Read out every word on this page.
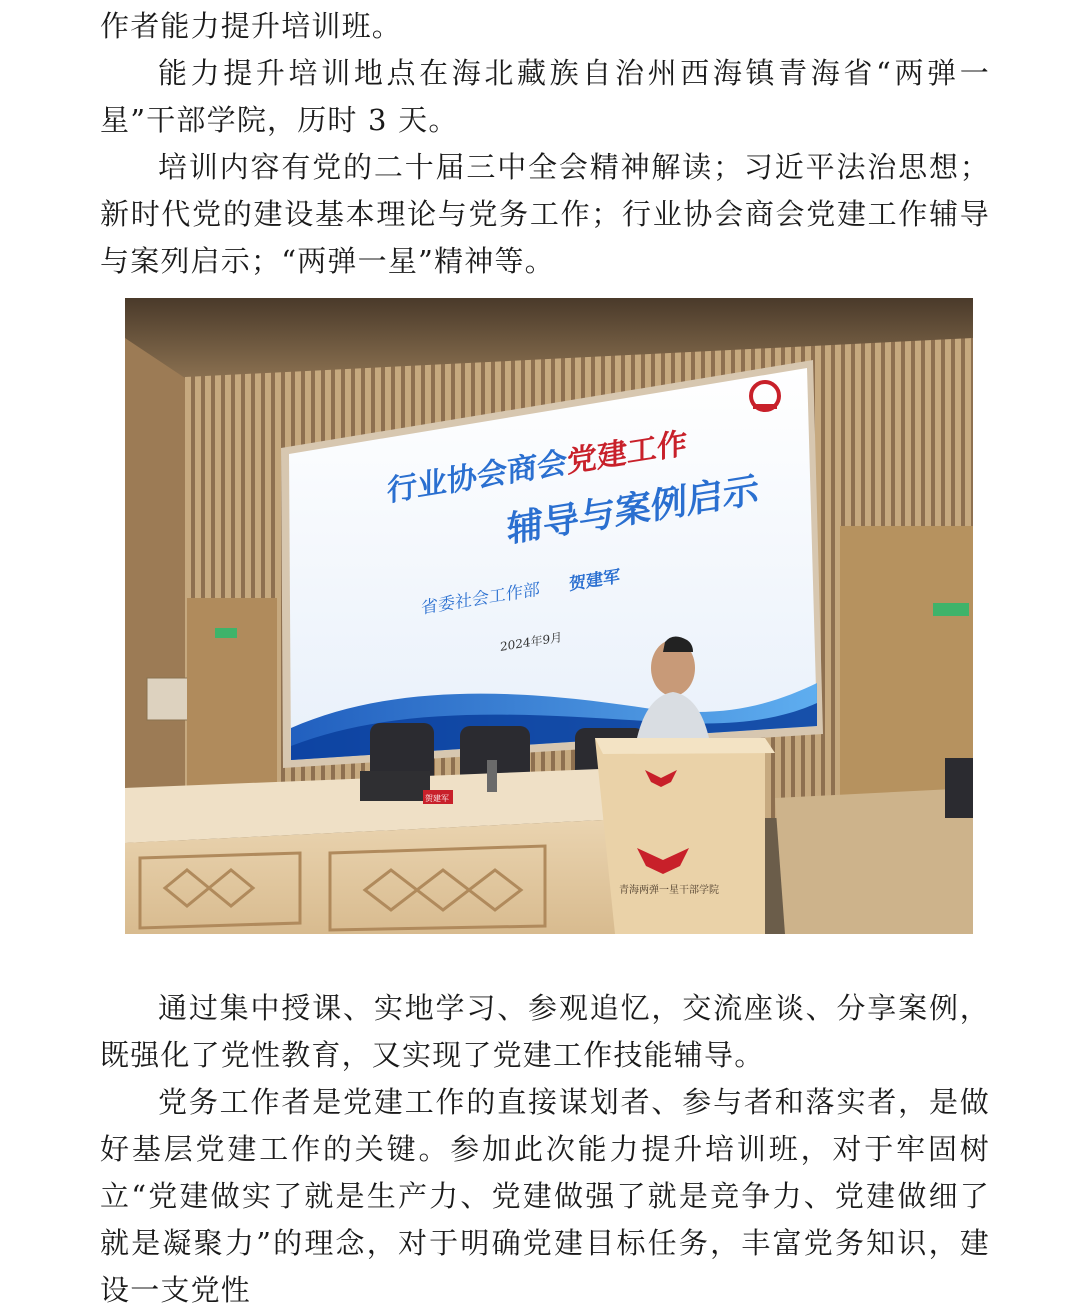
作者能力提升培训班。

能力提升培训地点在海北藏族自治州西海镇青海省“两弹一星”干部学院，历时 3 天。

培训内容有党的二十届三中全会精神解读；习近平法治思想；新时代党的建设基本理论与党务工作；行业协会商会党建工作辅导与案列启示；“两弹一星”精神等。

行业协会商会党建工作
辅导与案例启示
省委社会工作部 贺建军
2024年9月
贺建军
青海两弹一星干部学院

通过集中授课、实地学习、参观追忆，交流座谈、分享案例，既强化了党性教育，又实现了党建工作技能辅导。

党务工作者是党建工作的直接谋划者、参与者和落实者，是做好基层党建工作的关键。参加此次能力提升培训班，对于牢固树立“党建做实了就是生产力、党建做强了就是竞争力、党建做细了就是凝聚力”的理念，对于明确党建目标任务，丰富党务知识，建设一支党性
